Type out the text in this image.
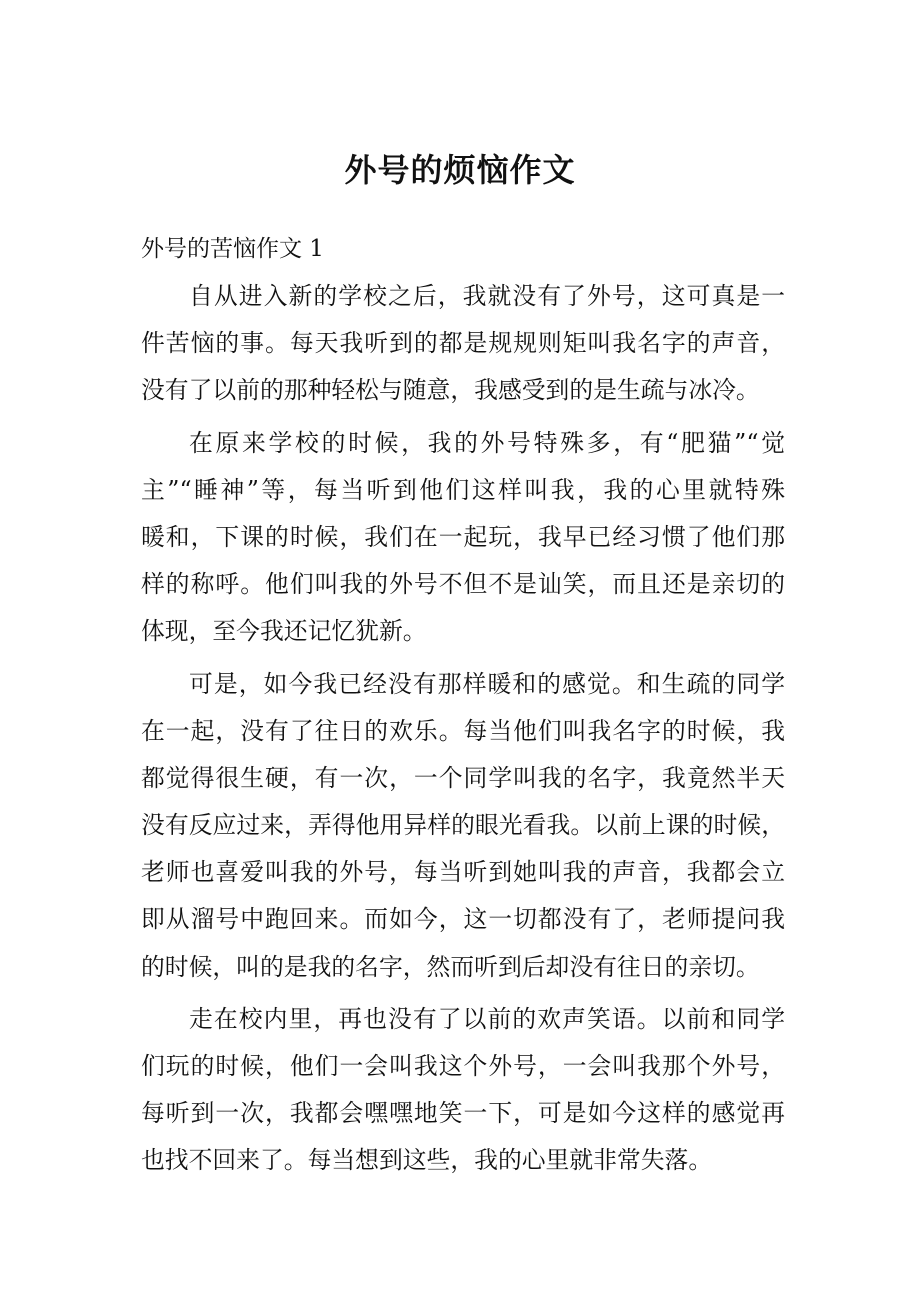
外号的烦恼作文
外号的苦恼作文 1
自从进入新的学校之后，我就没有了外号，这可真是一
件苦恼的事。每天我听到的都是规规则矩叫我名字的声音，
没有了以前的那种轻松与随意，我感受到的是生疏与冰冷。
在原来学校的时候，我的外号特殊多，有“肥猫”“觉
主”“睡神”等，每当听到他们这样叫我，我的心里就特殊
暖和，下课的时候，我们在一起玩，我早已经习惯了他们那
样的称呼。他们叫我的外号不但不是讪笑，而且还是亲切的
体现，至今我还记忆犹新。
可是，如今我已经没有那样暖和的感觉。和生疏的同学
在一起，没有了往日的欢乐。每当他们叫我名字的时候，我
都觉得很生硬，有一次，一个同学叫我的名字，我竟然半天
没有反应过来，弄得他用异样的眼光看我。以前上课的时候，
老师也喜爱叫我的外号，每当听到她叫我的声音，我都会立
即从溜号中跑回来。而如今，这一切都没有了，老师提问我
的时候，叫的是我的名字，然而听到后却没有往日的亲切。
走在校内里，再也没有了以前的欢声笑语。以前和同学
们玩的时候，他们一会叫我这个外号，一会叫我那个外号，
每听到一次，我都会嘿嘿地笑一下，可是如今这样的感觉再
也找不回来了。每当想到这些，我的心里就非常失落。
